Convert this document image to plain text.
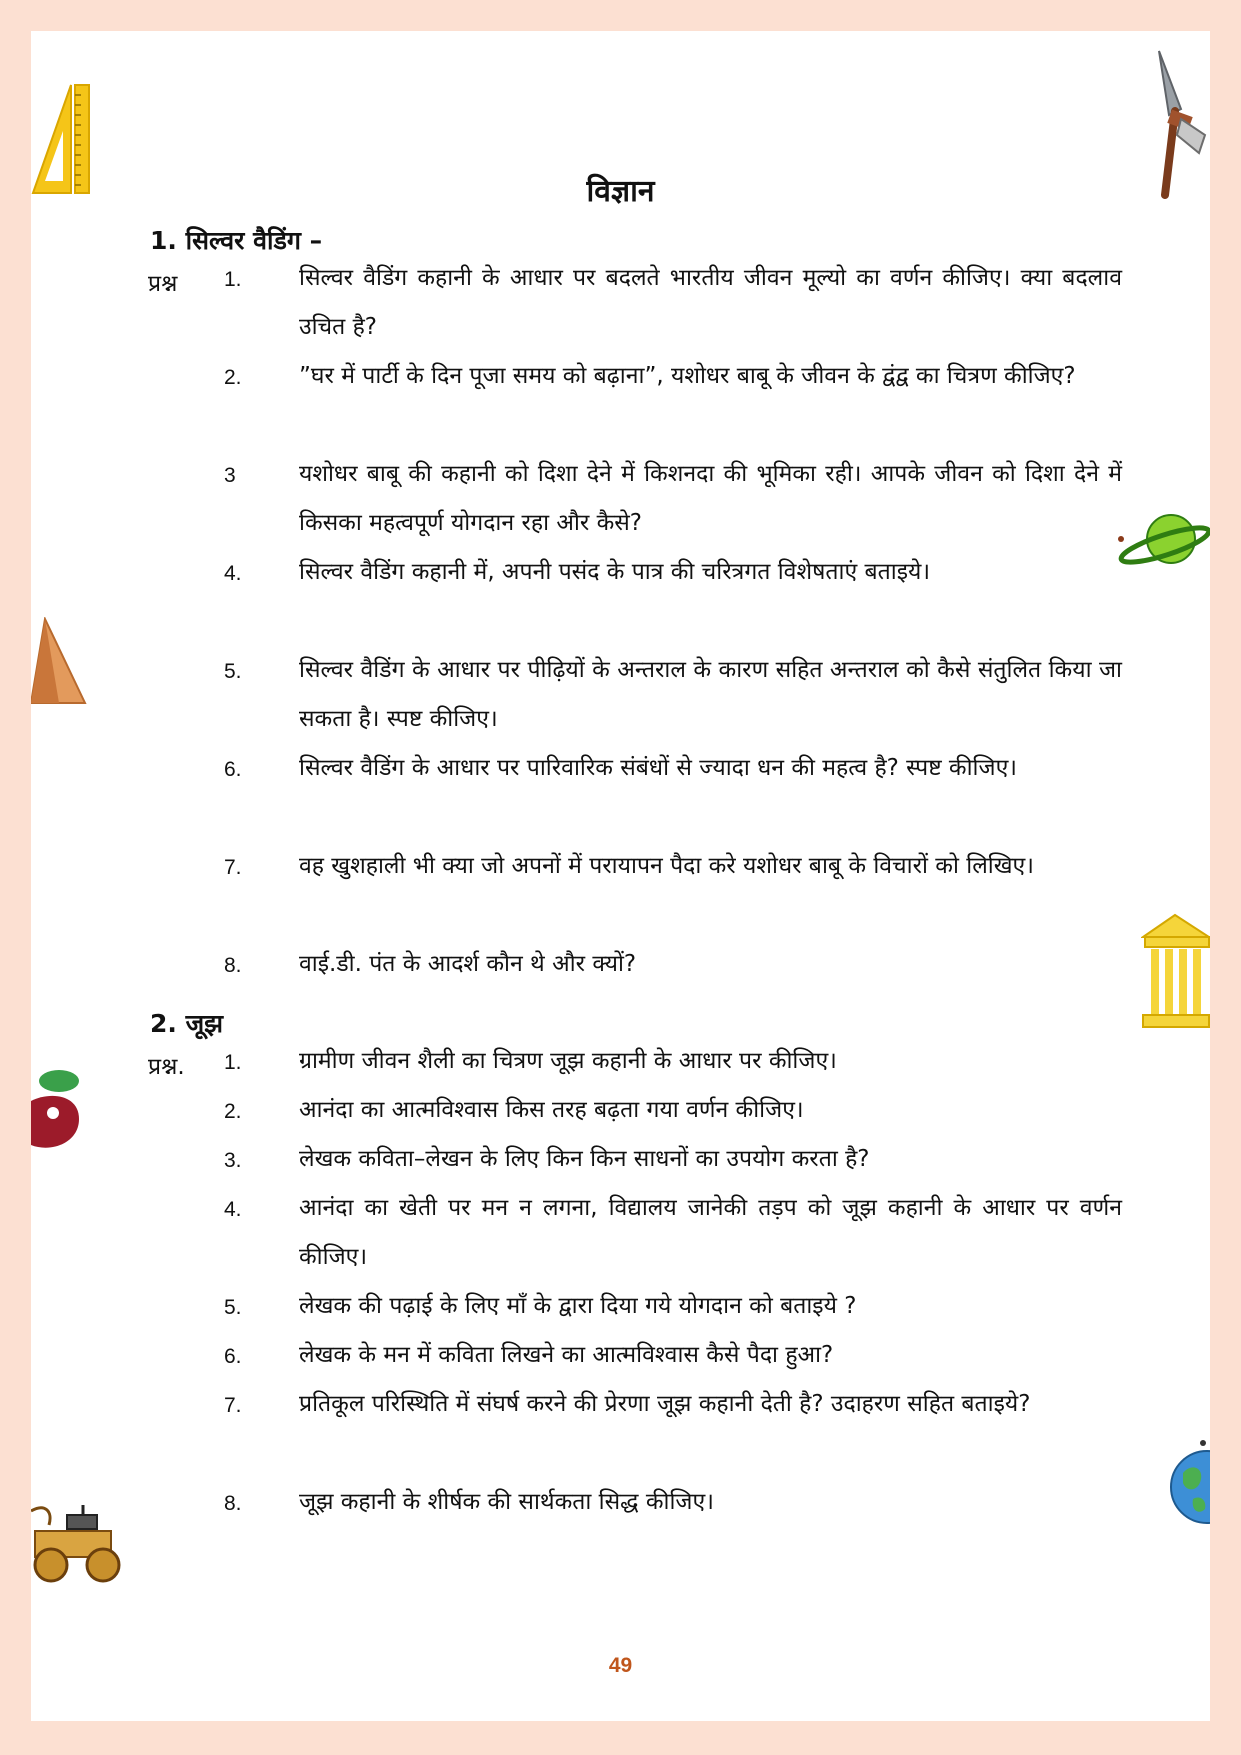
विज्ञान
1. सिल्वर वैडिंग –
प्रश्न 1. सिल्वर वैडिंग कहानी के आधार पर बदलते भारतीय जीवन मूल्यो का वर्णन कीजिए। क्या बदलाव उचित है?
2. ”घर में पार्टी के दिन पूजा समय को बढ़ाना”, यशोधर बाबू के जीवन के द्वंद्व का चित्रण कीजिए?
3	यशोधर बाबू की कहानी को दिशा देने में किशनदा की भूमिका रही। आपके जीवन को दिशा देने में किसका महत्वपूर्ण योगदान रहा और कैसे?
4. सिल्वर वैडिंग कहानी में, अपनी पसंद के पात्र की चरित्रगत विशेषताएं बताइये।
5. सिल्वर वैडिंग के आधार पर पीढ़ियों के अन्तराल के कारण सहित अन्तराल को कैसे संतुलित किया जा सकता है। स्पष्ट कीजिए।
6. सिल्वर वैडिंग के आधार पर पारिवारिक संबंधों से ज्यादा धन की महत्व है? स्पष्ट कीजिए।
7. वह खुशहाली भी क्या जो अपनों में परायापन पैदा करे यशोधर बाबू के विचारों को लिखिए।
8. वाई.डी. पंत के आदर्श कौन थे और क्यों?
2. जूझ
प्रश्न. 1. ग्रामीण जीवन शैली का चित्रण जूझ कहानी के आधार पर कीजिए।
2. आनंदा का आत्मविश्वास किस तरह बढ़ता गया वर्णन कीजिए।
3. लेखक कविता–लेखन के लिए किन किन साधनों का उपयोग करता है?
4. आनंदा का खेती पर मन न लगना, विद्यालय जानेकी तड़प को जूझ कहानी के आधार पर वर्णन कीजिए।
5. लेखक की पढ़ाई के लिए माँ के द्वारा दिया गये योगदान को बताइये ?
6. लेखक के मन में कविता लिखने का आत्मविश्वास कैसे पैदा हुआ?
7. प्रतिकूल परिस्थिति में संघर्ष करने की प्रेरणा जूझ कहानी देती है? उदाहरण सहित बताइये?
8. जूझ कहानी के शीर्षक की सार्थकता सिद्ध कीजिए।
49
